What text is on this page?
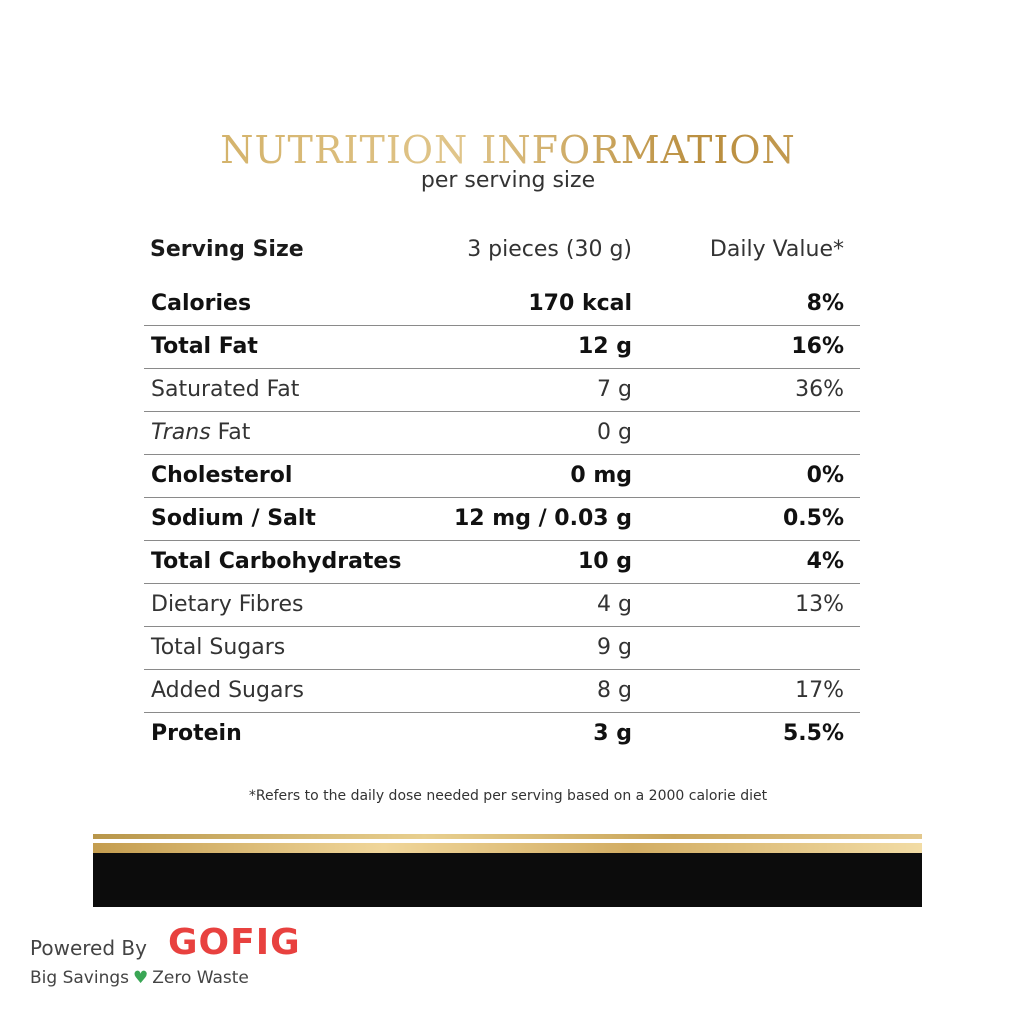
NUTRITION INFORMATION
per serving size
Serving Size	3 pieces (30 g)	Daily Value*
Calories	170 kcal	8%
Total Fat	12 g	16%
Saturated Fat	7 g	36%
Trans Fat	0 g
Cholesterol	0 mg	0%
Sodium / Salt	12 mg / 0.03 g	0.5%
Total Carbohydrates	10 g	4%
Dietary Fibres	4 g	13%
Total Sugars	9 g
Added Sugars	8 g	17%
Protein	3 g	5.5%
*Refers to the daily dose needed per serving based on a 2000 calorie diet
Powered By GOFIG
Big Savings ♥ Zero Waste
